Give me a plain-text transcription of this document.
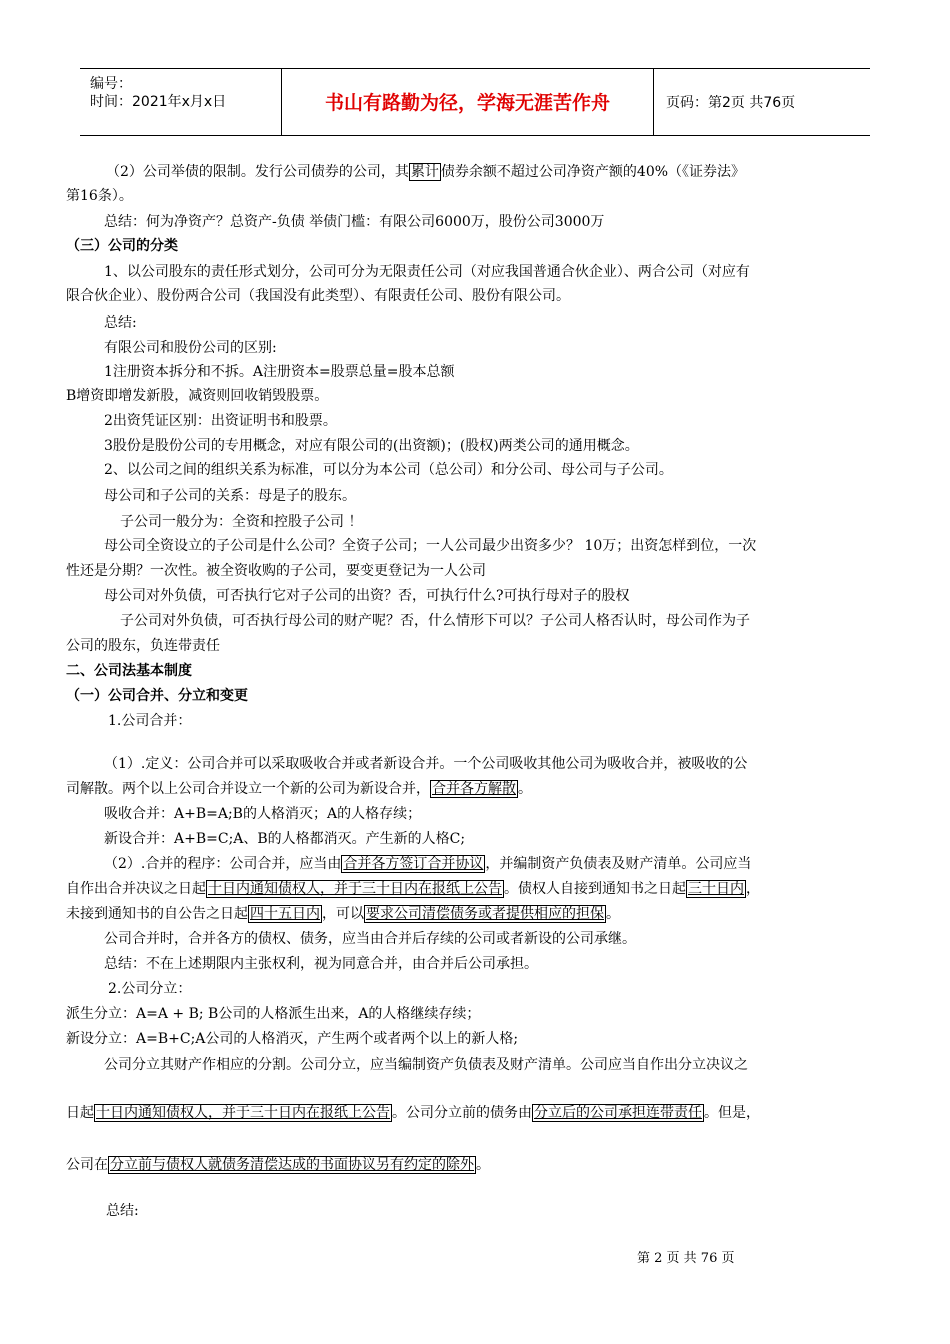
编号：
时间：2021年x月x日	书山有路勤为径，学海无涯苦作舟	页码：第2页 共76页
（2）公司举债的限制。发行公司债券的公司，其 累计 债券余额不超过公司净资产额的40%（《证券法》
第16条）。
总结：何为净资产？总资产-负债 举债门槛：有限公司6000万，股份公司3000万
（三）公司的分类
1、以公司股东的责任形式划分，公司可分为无限责任公司（对应我国普通合伙企业）、两合公司（对应有
限合伙企业）、股份两合公司（我国没有此类型）、有限责任公司、股份有限公司。
总结:
有限公司和股份公司的区别:
1注册资本拆分和不拆。A注册资本=股票总量=股本总额
B增资即增发新股，减资则回收销毁股票。
2出资凭证区别：出资证明书和股票。
3股份是股份公司的专用概念，对应有限公司的(出资额)；(股权)两类公司的通用概念。
2、以公司之间的组织关系为标准，可以分为本公司（总公司）和分公司、母公司与子公司。
母公司和子公司的关系：母是子的股东。
子公司一般分为：全资和控股子公司 ！
母公司全资设立的子公司是什么公司？全资子公司；一人公司最少出资多少？ 10万；出资怎样到位，一次
性还是分期？一次性。被全资收购的子公司，要变更登记为一人公司
母公司对外负债，可否执行它对子公司的出资？否，可执行什么?可执行母对子的股权
子公司对外负债，可否执行母公司的财产呢？否，什么情形下可以？子公司人格否认时，母公司作为子
公司的股东，负连带责任
二、公司法基本制度
（一）公司合并、分立和变更
1.公司合并：
（1）.定义：公司合并可以采取吸收合并或者新设合并。一个公司吸收其他公司为吸收合并，被吸收的公
司解散。两个以上公司合并设立一个新的公司为新设合并， 合并各方解散 。
吸收合并：A+B=A;B的人格消灭；A的人格存续；
新设合并：A+B=C;A、B的人格都消灭。产生新的人格C;
（2）.合并的程序：公司合并，应当由 合并各方签订合并协议 ，并编制资产负债表及财产清单。公司应当
自作出合并决议之日起 十日内通知债权人，并于三十日内在报纸上公告 。债权人自接到通知书之日起 三十日内 ，
未接到通知书的自公告之日起 四十五日内 ，可以 要求公司清偿债务或者提供相应的担保 。
公司合并时，合并各方的债权、债务，应当由合并后存续的公司或者新设的公司承继。
总结：不在上述期限内主张权利，视为同意合并，由合并后公司承担。
2.公司分立：
派生分立：A=A + B; B公司的人格派生出来，A的人格继续存续；
新设分立：A=B+C;A公司的人格消灭，产生两个或者两个以上的新人格;
公司分立其财产作相应的分割。公司分立，应当编制资产负债表及财产清单。公司应当自作出分立决议之
日起 十日内通知债权人，并于三十日内在报纸上公告 。公司分立前的债务由 分立后的公司承担连带责任 。但是，
公司在 分立前与债权人就债务清偿达成的书面协议另有约定的除外 。
总结:
第 2 页 共 76 页
